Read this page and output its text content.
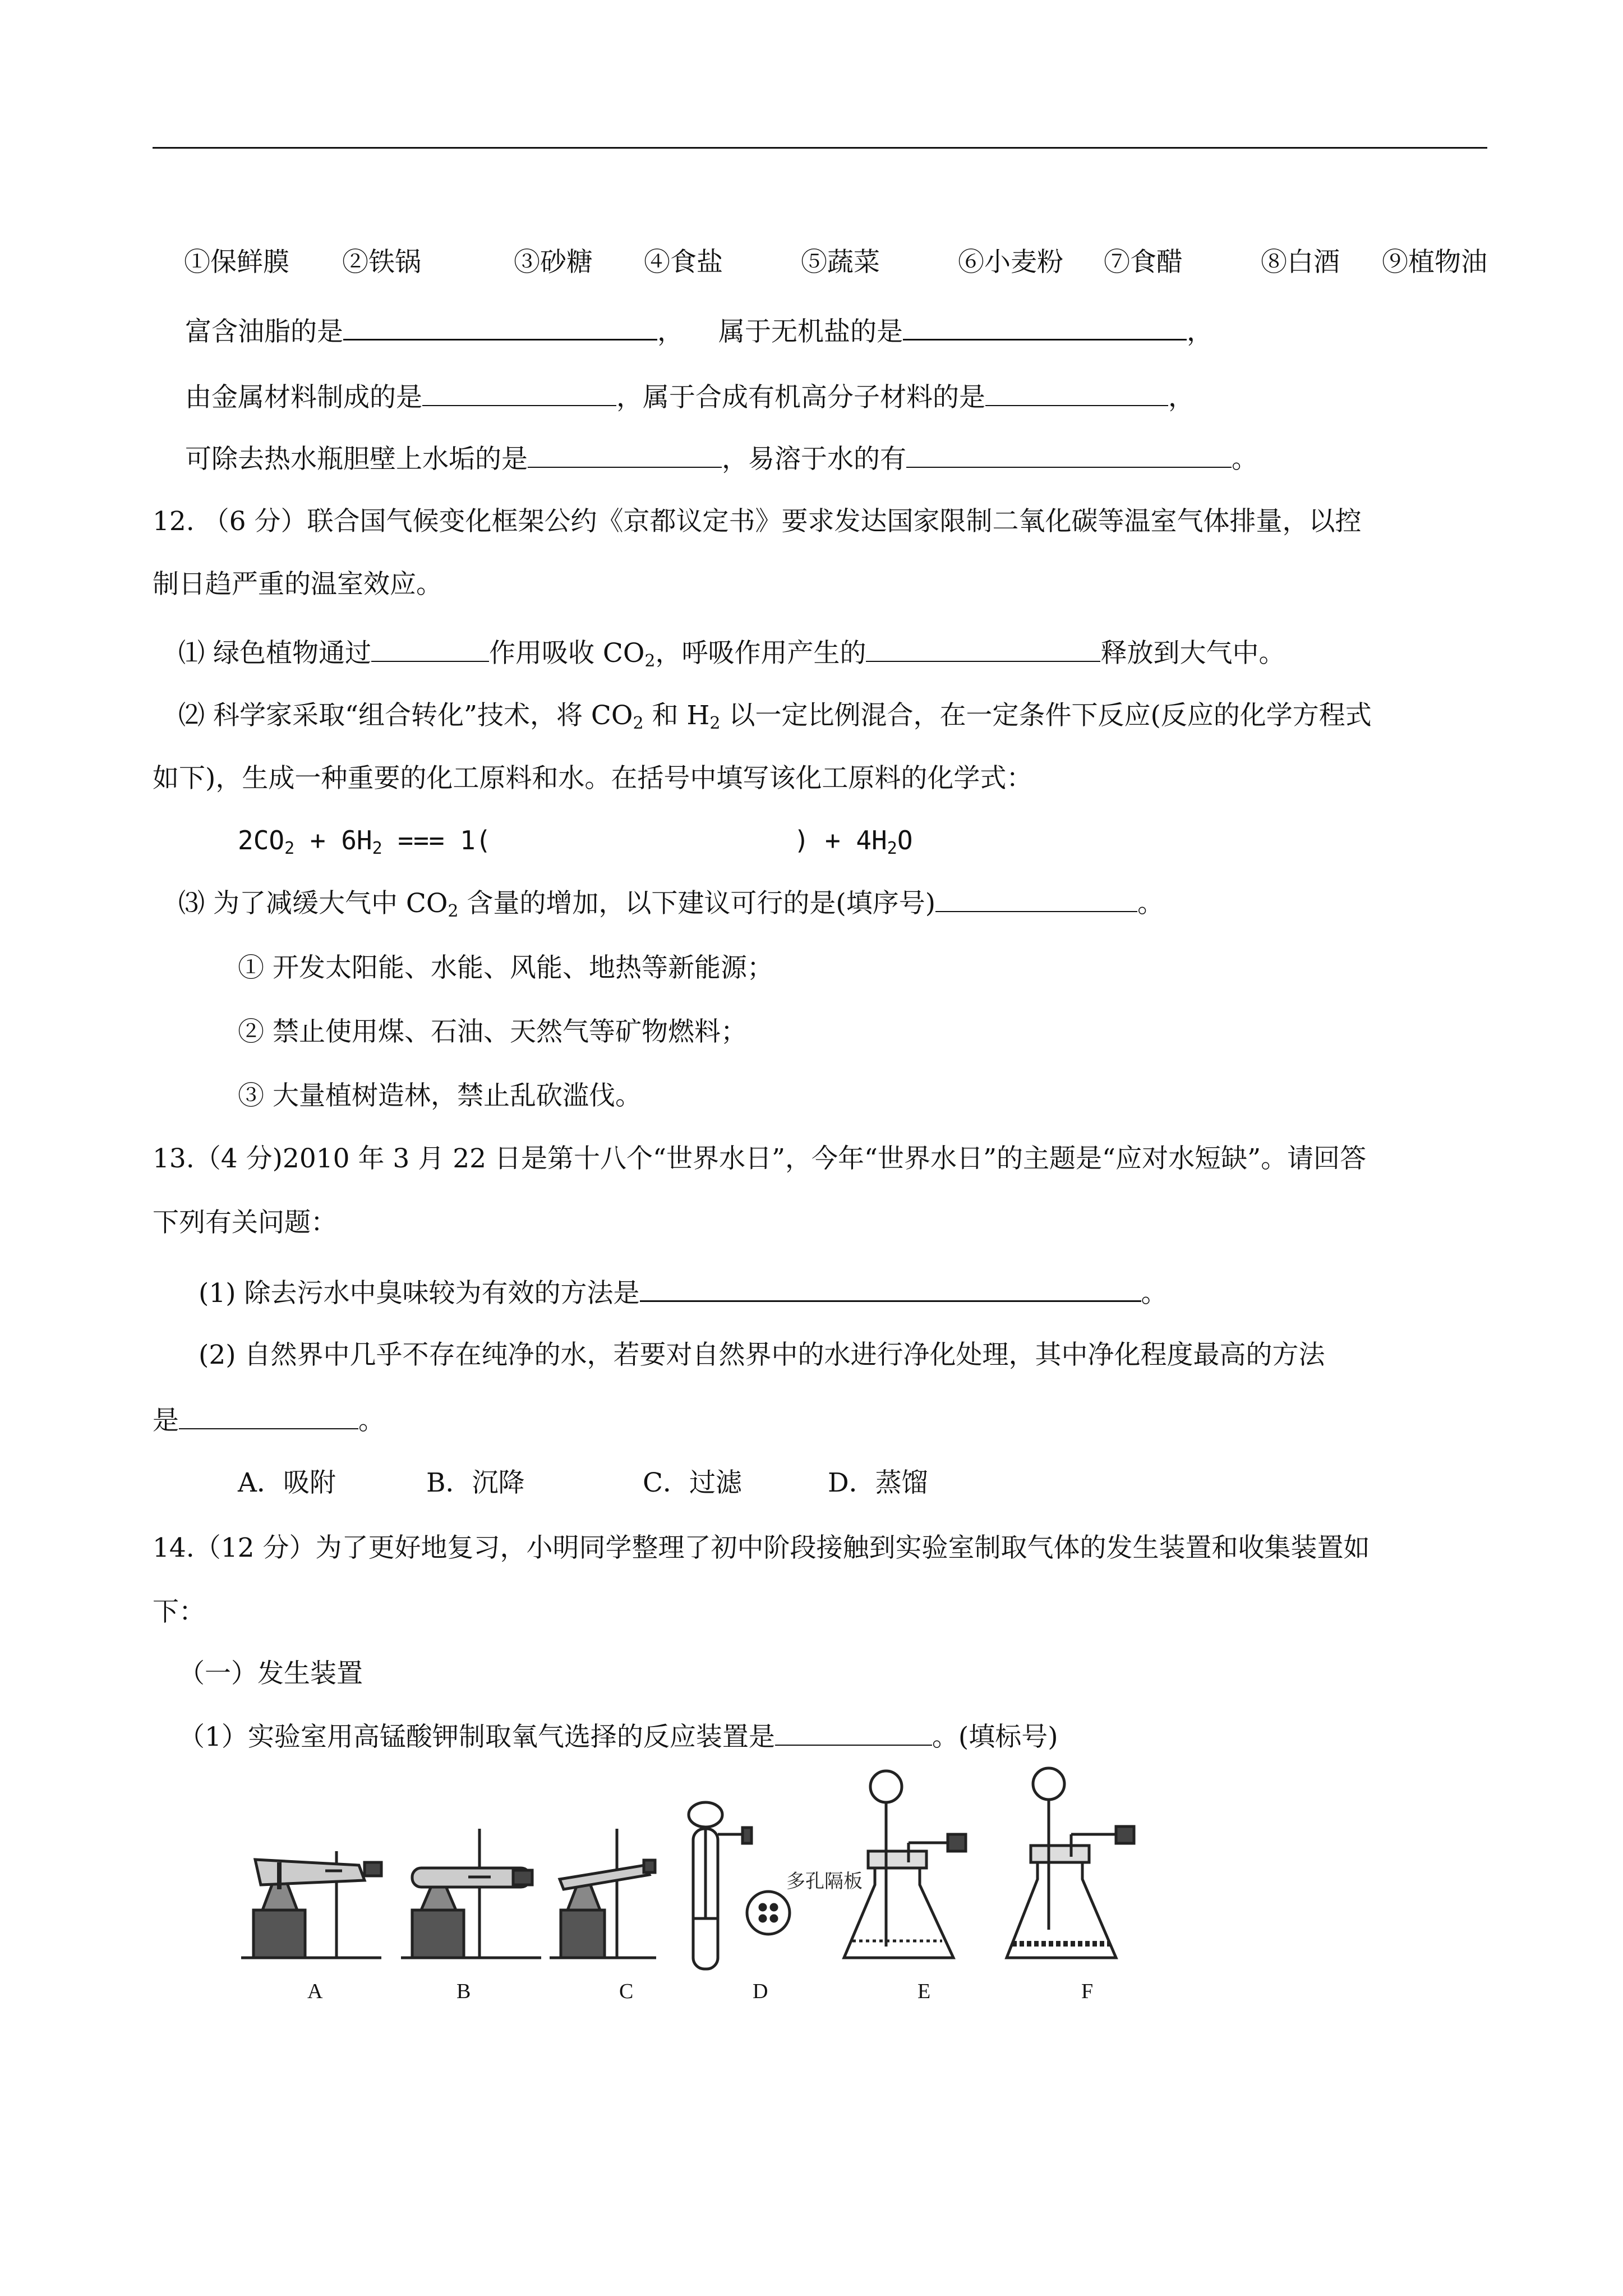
①保鲜膜 ②铁锅	③砂糖 ④食盐	⑤蔬菜	⑥小麦粉 ⑦食醋	⑧白酒 ⑨植物油
富含油脂的是	， 属于无机盐的是	，
由金属材料制成的是	，属于合成有机高分子材料的是	，
可除去热水瓶胆壁上水垢的是	，易溶于水的有	。
12. （6 分）联合国气候变化框架公约《京都议定书》要求发达国家限制二氧化碳等温室气体排量，以控
制日趋严重的温室效应。
⑴ 绿色植物通过	作用吸收 $CO_2$，呼吸作用产生的	释放到大气中。
⑵ 科学家采取“组合转化”技术，将 $CO_2$ 和 $H_2$ 以一定比例混合，在一定条件下反应(反应的化学方程式
如下)，生成一种重要的化工原料和水。在括号中填写该化工原料的化学式：
$2CO_2 + 6H_2$ === 1(	) + $4H_2O$
⑶ 为了减缓大气中 $CO_2$ 含量的增加，以下建议可行的是(填序号)	。
① 开发太阳能、水能、风能、地热等新能源；
② 禁止使用煤、石油、天然气等矿物燃料；
③ 大量植树造林，禁止乱砍滥伐。
13.（4 分)2010 年 3 月 22 日是第十八个“世界水日”，今年“世界水日”的主题是“应对水短缺”。请回答
下列有关问题：
(1) 除去污水中臭味较为有效的方法是	。
(2) 自然界中几乎不存在纯净的水，若要对自然界中的水进行净化处理，其中净化程度最高的方法
是	。
A．吸附	B．沉降	C．过滤	D．蒸馏
14.（12 分）为了更好地复习，小明同学整理了初中阶段接触到实验室制取气体的发生装置和收集装置如
下：
（一）发生装置
（1）实验室用高锰酸钾制取氧气选择的反应装置是	。(填标号)
多孔隔板
A	B	C	D	E	F
